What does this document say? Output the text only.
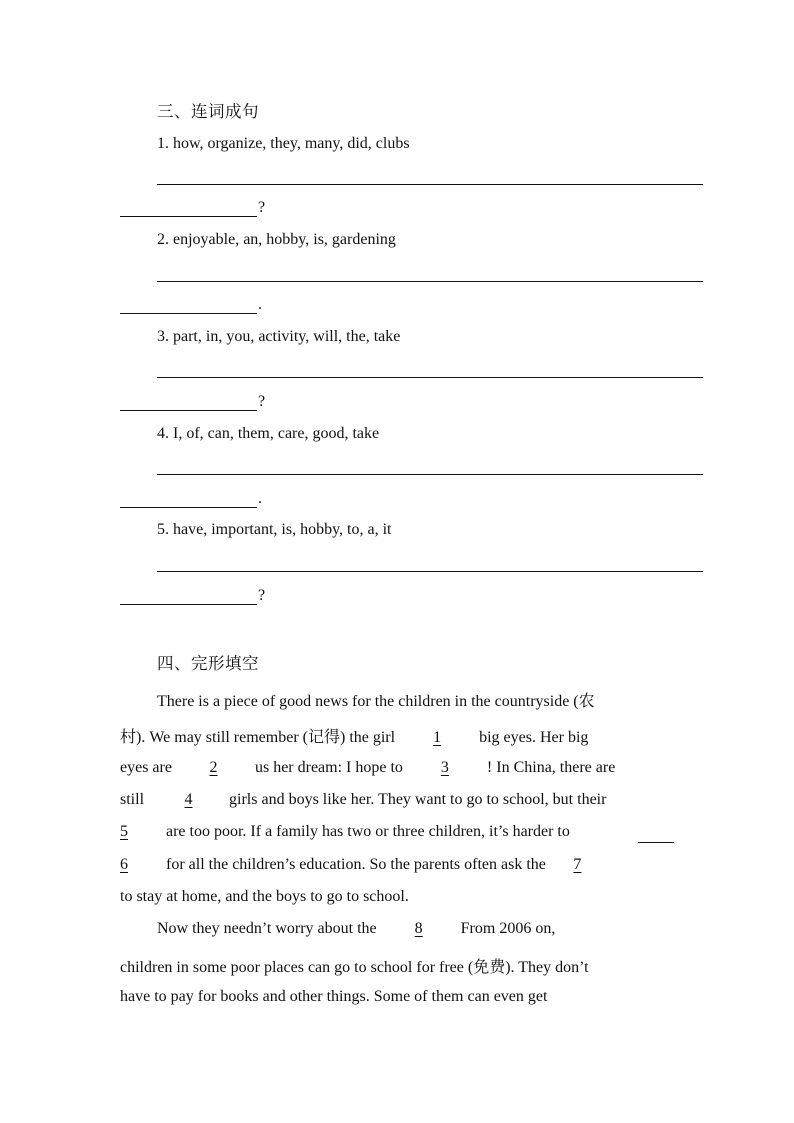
三、连词成句
1. how, organize, they, many, did, clubs
?
2. enjoyable, an, hobby, is, gardening
.
3. part, in, you, activity, will, the, take
?
4. I, of, can, them, care, good, take
.
5. have, important, is, hobby, to, a, it
?
四、完形填空
There is a piece of good news for the children in the countryside (农
村). We may still remember (记得) the girl 1 big eyes. Her big
eyes are 2 us her dream: I hope to 3 ! In China, there are
still	4 girls and boys like her. They want to go to school, but their
5 are too poor. If a family has two or three children, it’s harder to
6 for all the children’s education. So the parents often ask the 7
to stay at home, and the boys to go to school.
Now they needn’t worry about the 8 From 2006 on,
children in some poor places can go to school for free (免费). They don’t
have to pay for books and other things. Some of them can even get
